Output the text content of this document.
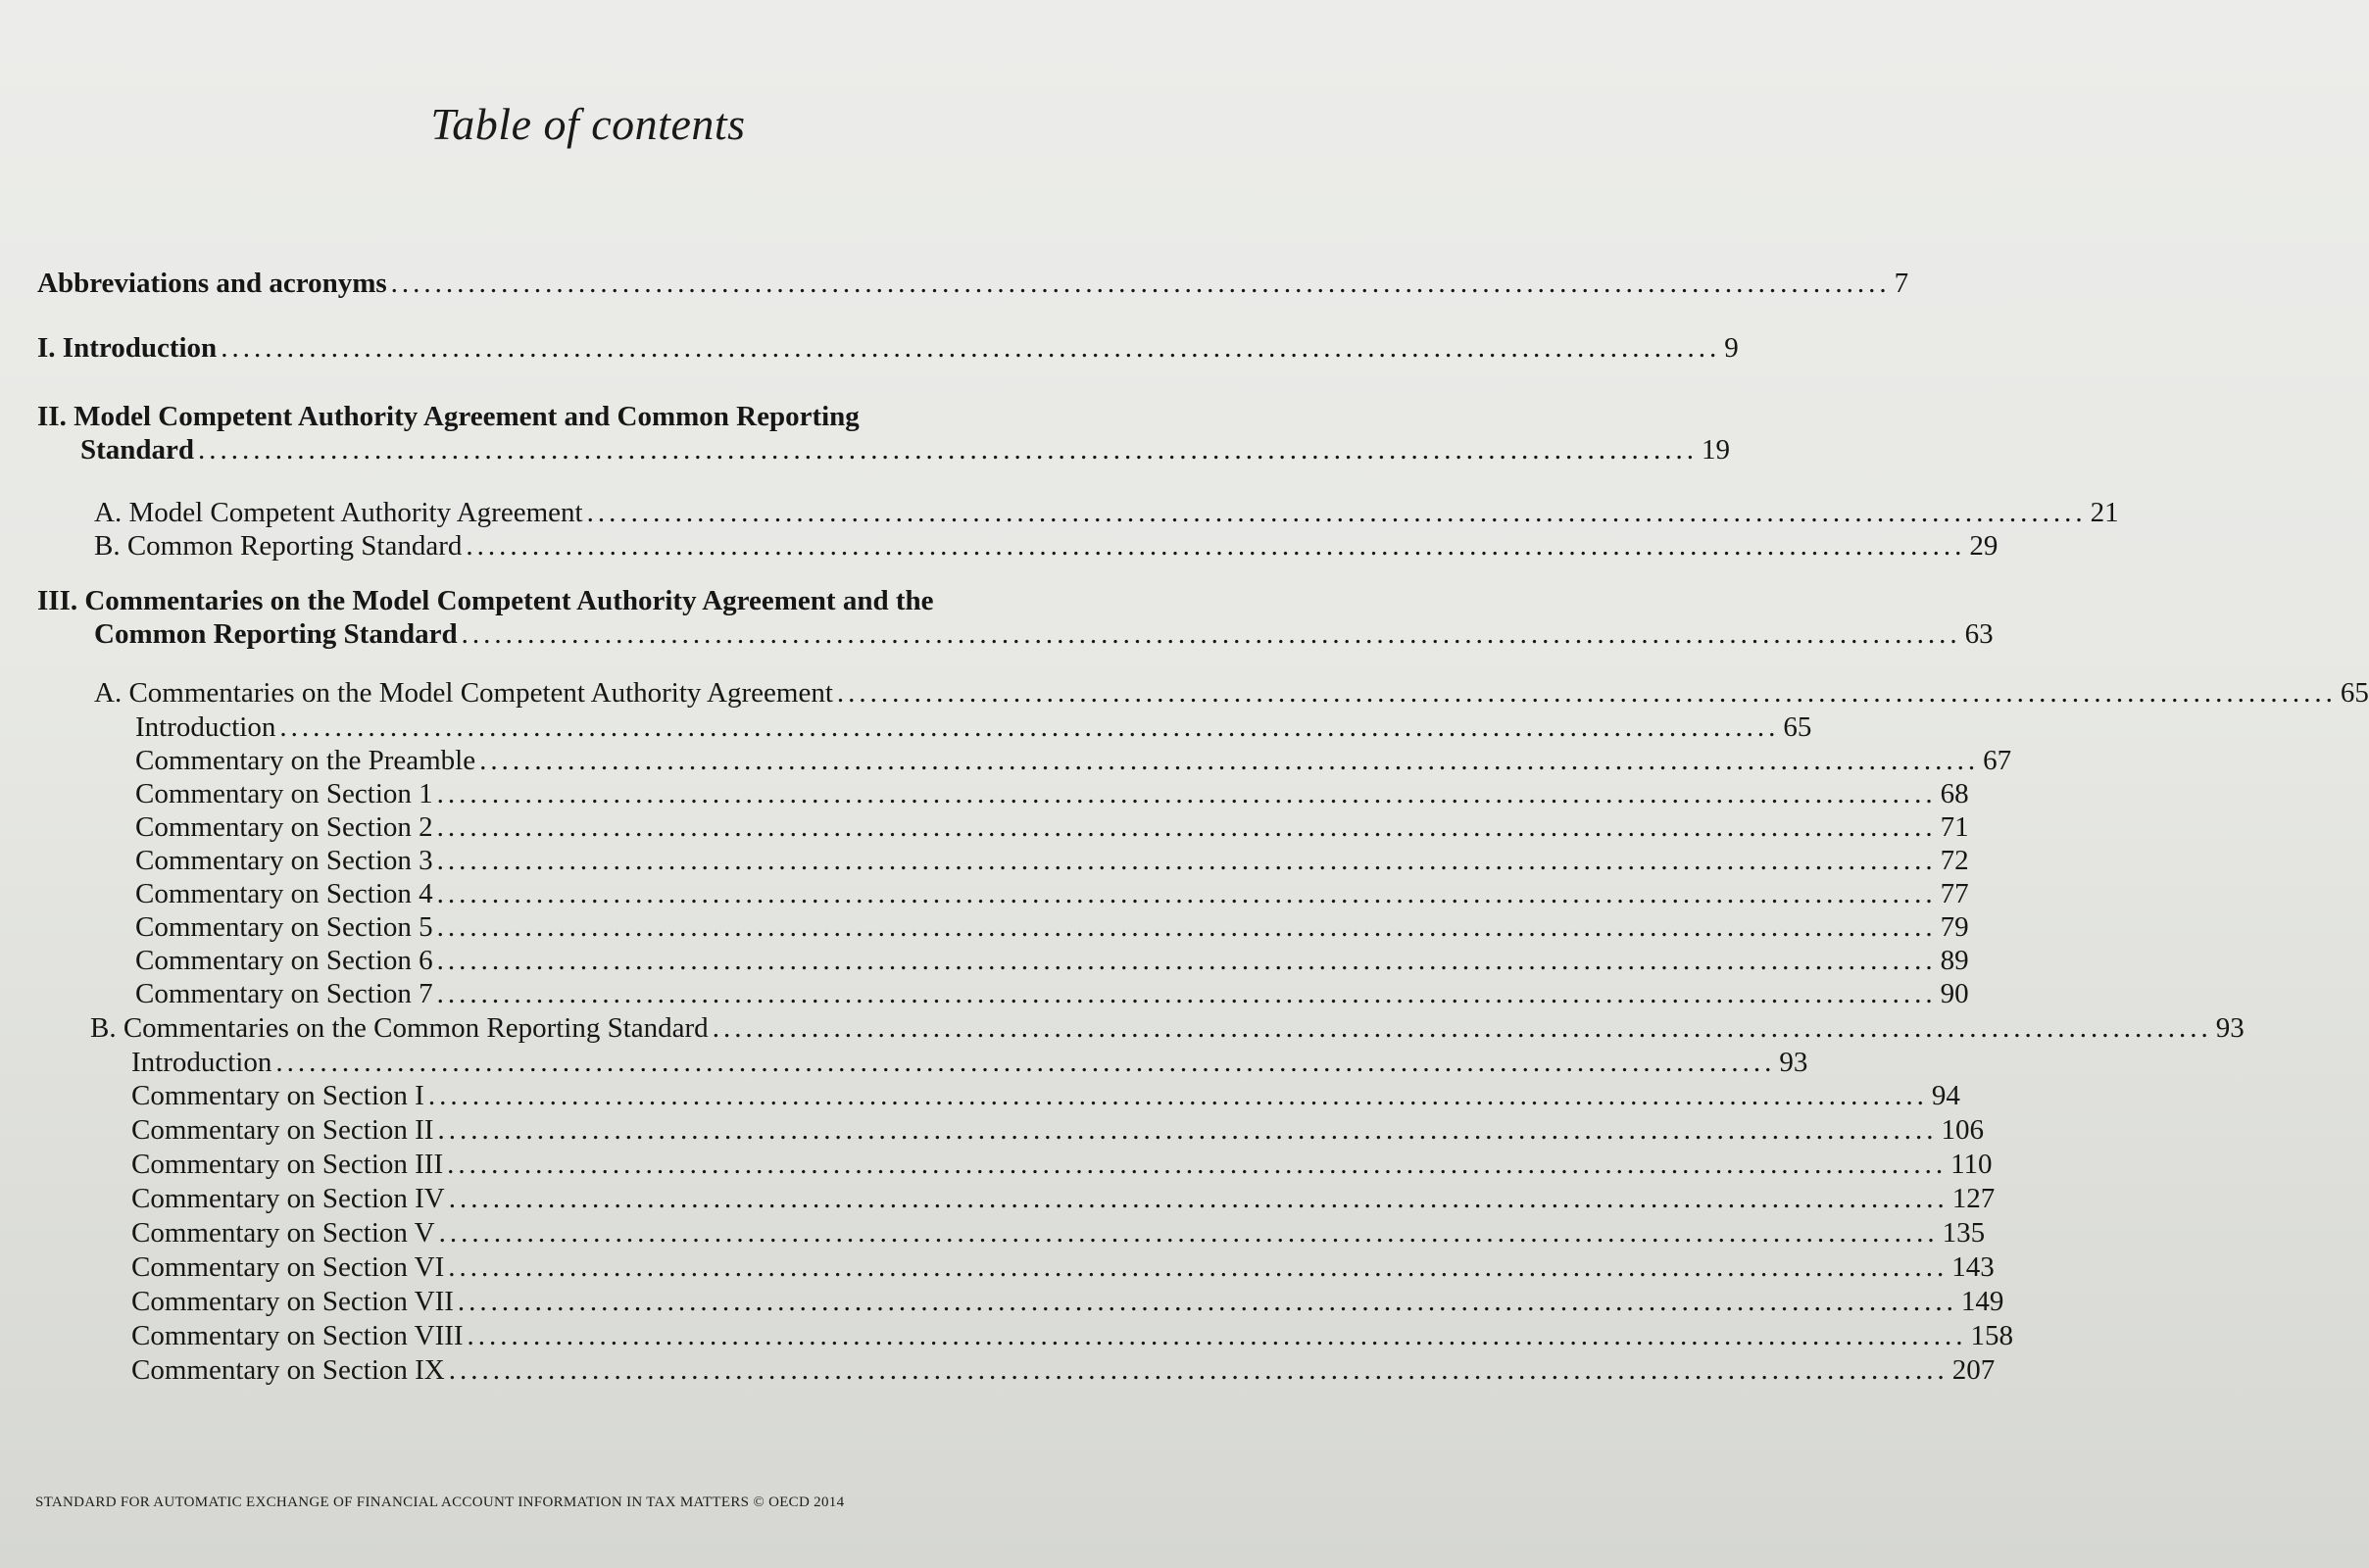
Table of contents
Abbreviations and acronyms ........................................................................................................................................ 7
I. Introduction ........................................................................................................................................ 9
II. Model Competent Authority Agreement and Common Reporting
Standard ........................................................................................................................................ 19
A. Model Competent Authority Agreement ........................................................................................................................................ 21
B. Common Reporting Standard ........................................................................................................................................ 29
III. Commentaries on the Model Competent Authority Agreement and the
Common Reporting Standard ........................................................................................................................................ 63
A. Commentaries on the Model Competent Authority Agreement ........................................................................................................................................ 65
Introduction ........................................................................................................................................ 65
Commentary on the Preamble ........................................................................................................................................ 67
Commentary on Section 1 ........................................................................................................................................ 68
Commentary on Section 2 ........................................................................................................................................ 71
Commentary on Section 3 ........................................................................................................................................ 72
Commentary on Section 4 ........................................................................................................................................ 77
Commentary on Section 5 ........................................................................................................................................ 79
Commentary on Section 6 ........................................................................................................................................ 89
Commentary on Section 7 ........................................................................................................................................ 90
B. Commentaries on the Common Reporting Standard ........................................................................................................................................ 93
Introduction ........................................................................................................................................ 93
Commentary on Section I ........................................................................................................................................ 94
Commentary on Section II ........................................................................................................................................ 106
Commentary on Section III ........................................................................................................................................ 110
Commentary on Section IV ........................................................................................................................................ 127
Commentary on Section V ........................................................................................................................................ 135
Commentary on Section VI ........................................................................................................................................ 143
Commentary on Section VII ........................................................................................................................................ 149
Commentary on Section VIII ........................................................................................................................................ 158
Commentary on Section IX ........................................................................................................................................ 207
STANDARD FOR AUTOMATIC EXCHANGE OF FINANCIAL ACCOUNT INFORMATION IN TAX MATTERS © OECD 2014
